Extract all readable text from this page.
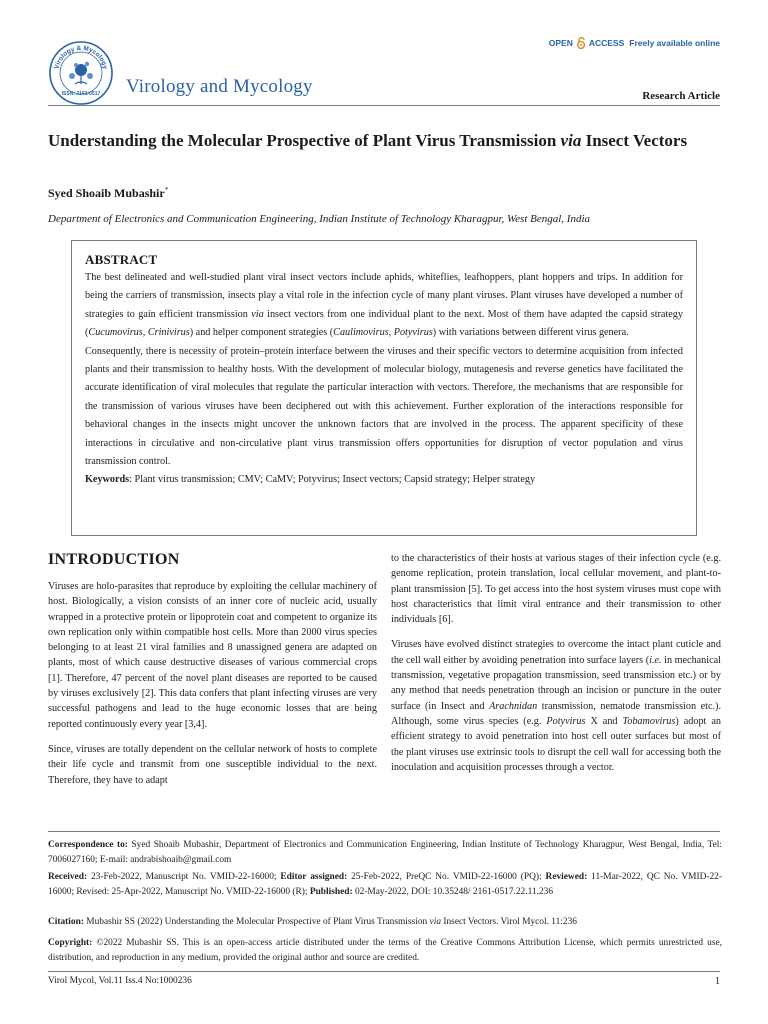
Virology & Mycology
ISSN: 2161-0517 Virology and Mycology
OPEN ACCESS Freely available online
Research Article
Understanding the Molecular Prospective of Plant Virus Transmission via Insect Vectors
Syed Shoaib Mubashir*
Department of Electronics and Communication Engineering, Indian Institute of Technology Kharagpur, West Bengal, India
ABSTRACT

The best delineated and well-studied plant viral insect vectors include aphids, whiteflies, leafhoppers, plant hoppers and trips. In addition for being the carriers of transmission, insects play a vital role in the infection cycle of many plant viruses. Plant viruses have developed a number of strategies to gain efficient transmission via insect vectors from one individual plant to the next. Most of them have adapted the capsid strategy (Cucumovirus, Crinivirus) and helper component strategies (Caulimovirus, Potyvirus) with variations between different virus genera.

Consequently, there is necessity of protein–protein interface between the viruses and their specific vectors to determine acquisition from infected plants and their transmission to healthy hosts. With the development of molecular biology, mutagenesis and reverse genetics have facilitated the accurate identification of viral molecules that regulate the particular interaction with vectors. Therefore, the mechanisms that are responsible for the transmission of various viruses have been deciphered out with this achievement. Further exploration of the interactions responsible for behavioral changes in the insects might uncover the unknown factors that are involved in the process. The apparent specificity of these interactions in circulative and non-circulative plant virus transmission offers opportunities for disruption of vector population and virus transmission control.

Keywords: Plant virus transmission; CMV; CaMV; Potyvirus; Insect vectors; Capsid strategy; Helper strategy

INTRODUCTION

Viruses are holo-parasites that reproduce by exploiting the cellular machinery of host. Biologically, a vision consists of an inner core of nucleic acid, usually wrapped in a protective protein or lipoprotein coat and competent to organize its own replication only within compatible host cells. More than 2000 virus species belonging to at least 21 viral families and 8 unassigned genera are adapted on plants, most of which cause destructive diseases of various commercial crops [1]. Therefore, 47 percent of the novel plant diseases are reported to be caused by viruses exclusively [2]. This data confers that plant infecting viruses are very successful pathogens and lead to the huge economic losses that are being reported continuously every year [3,4].

Since, viruses are totally dependent on the cellular network of hosts to complete their life cycle and transmit from one susceptible individual to the next. Therefore, they have to adapt

to the characteristics of their hosts at various stages of their infection cycle (e.g. genome replication, protein translation, local cellular movement, and plant-to-plant transmission [5]. To get access into the host system viruses must cope with host characteristics that limit viral entrance and their transmission to other individuals [6].

Viruses have evolved distinct strategies to overcome the intact plant cuticle and the cell wall either by avoiding penetration into surface layers (i.e. in mechanical transmission, vegetative propagation transmission, seed transmission etc.) or by any method that needs penetration through an incision or puncture in the outer surface (in Insect and Arachnidan transmission, nematode transmission etc.). Although, some virus species (e.g. Potyvirus X and Tobamovirus) adopt an efficient strategy to avoid penetration into host cell outer surfaces but most of the plant viruses use extrinsic tools to disrupt the cell wall for accessing both the inoculation and acquisition processes through a vector.

Correspondence to: Syed Shoaib Mubashir, Department of Electronics and Communication Engineering, Indian Institute of Technology Kharagpur, West Bengal, India, Tel: 7006027160; E-mail: andrabishoaib@gmail.com
Received: 23-Feb-2022, Manuscript No. VMID-22-16000; Editor assigned: 25-Feb-2022, PreQC No. VMID-22-16000 (PQ); Reviewed: 11-Mar-2022, QC No. VMID-22-16000; Revised: 25-Apr-2022, Manuscript No. VMID-22-16000 (R); Published: 02-May-2022, DOI: 10.35248/ 2161-0517.22.11.236
Citation: Mubashir SS (2022) Understanding the Molecular Prospective of Plant Virus Transmission via Insect Vectors. Virol Mycol. 11:236
Copyright: ©2022 Mubashir SS. This is an open-access article distributed under the terms of the Creative Commons Attribution License, which permits unrestricted use, distribution, and reproduction in any medium, provided the original author and source are credited.
Virol Mycol, Vol.11 Iss.4 No:1000236	1
